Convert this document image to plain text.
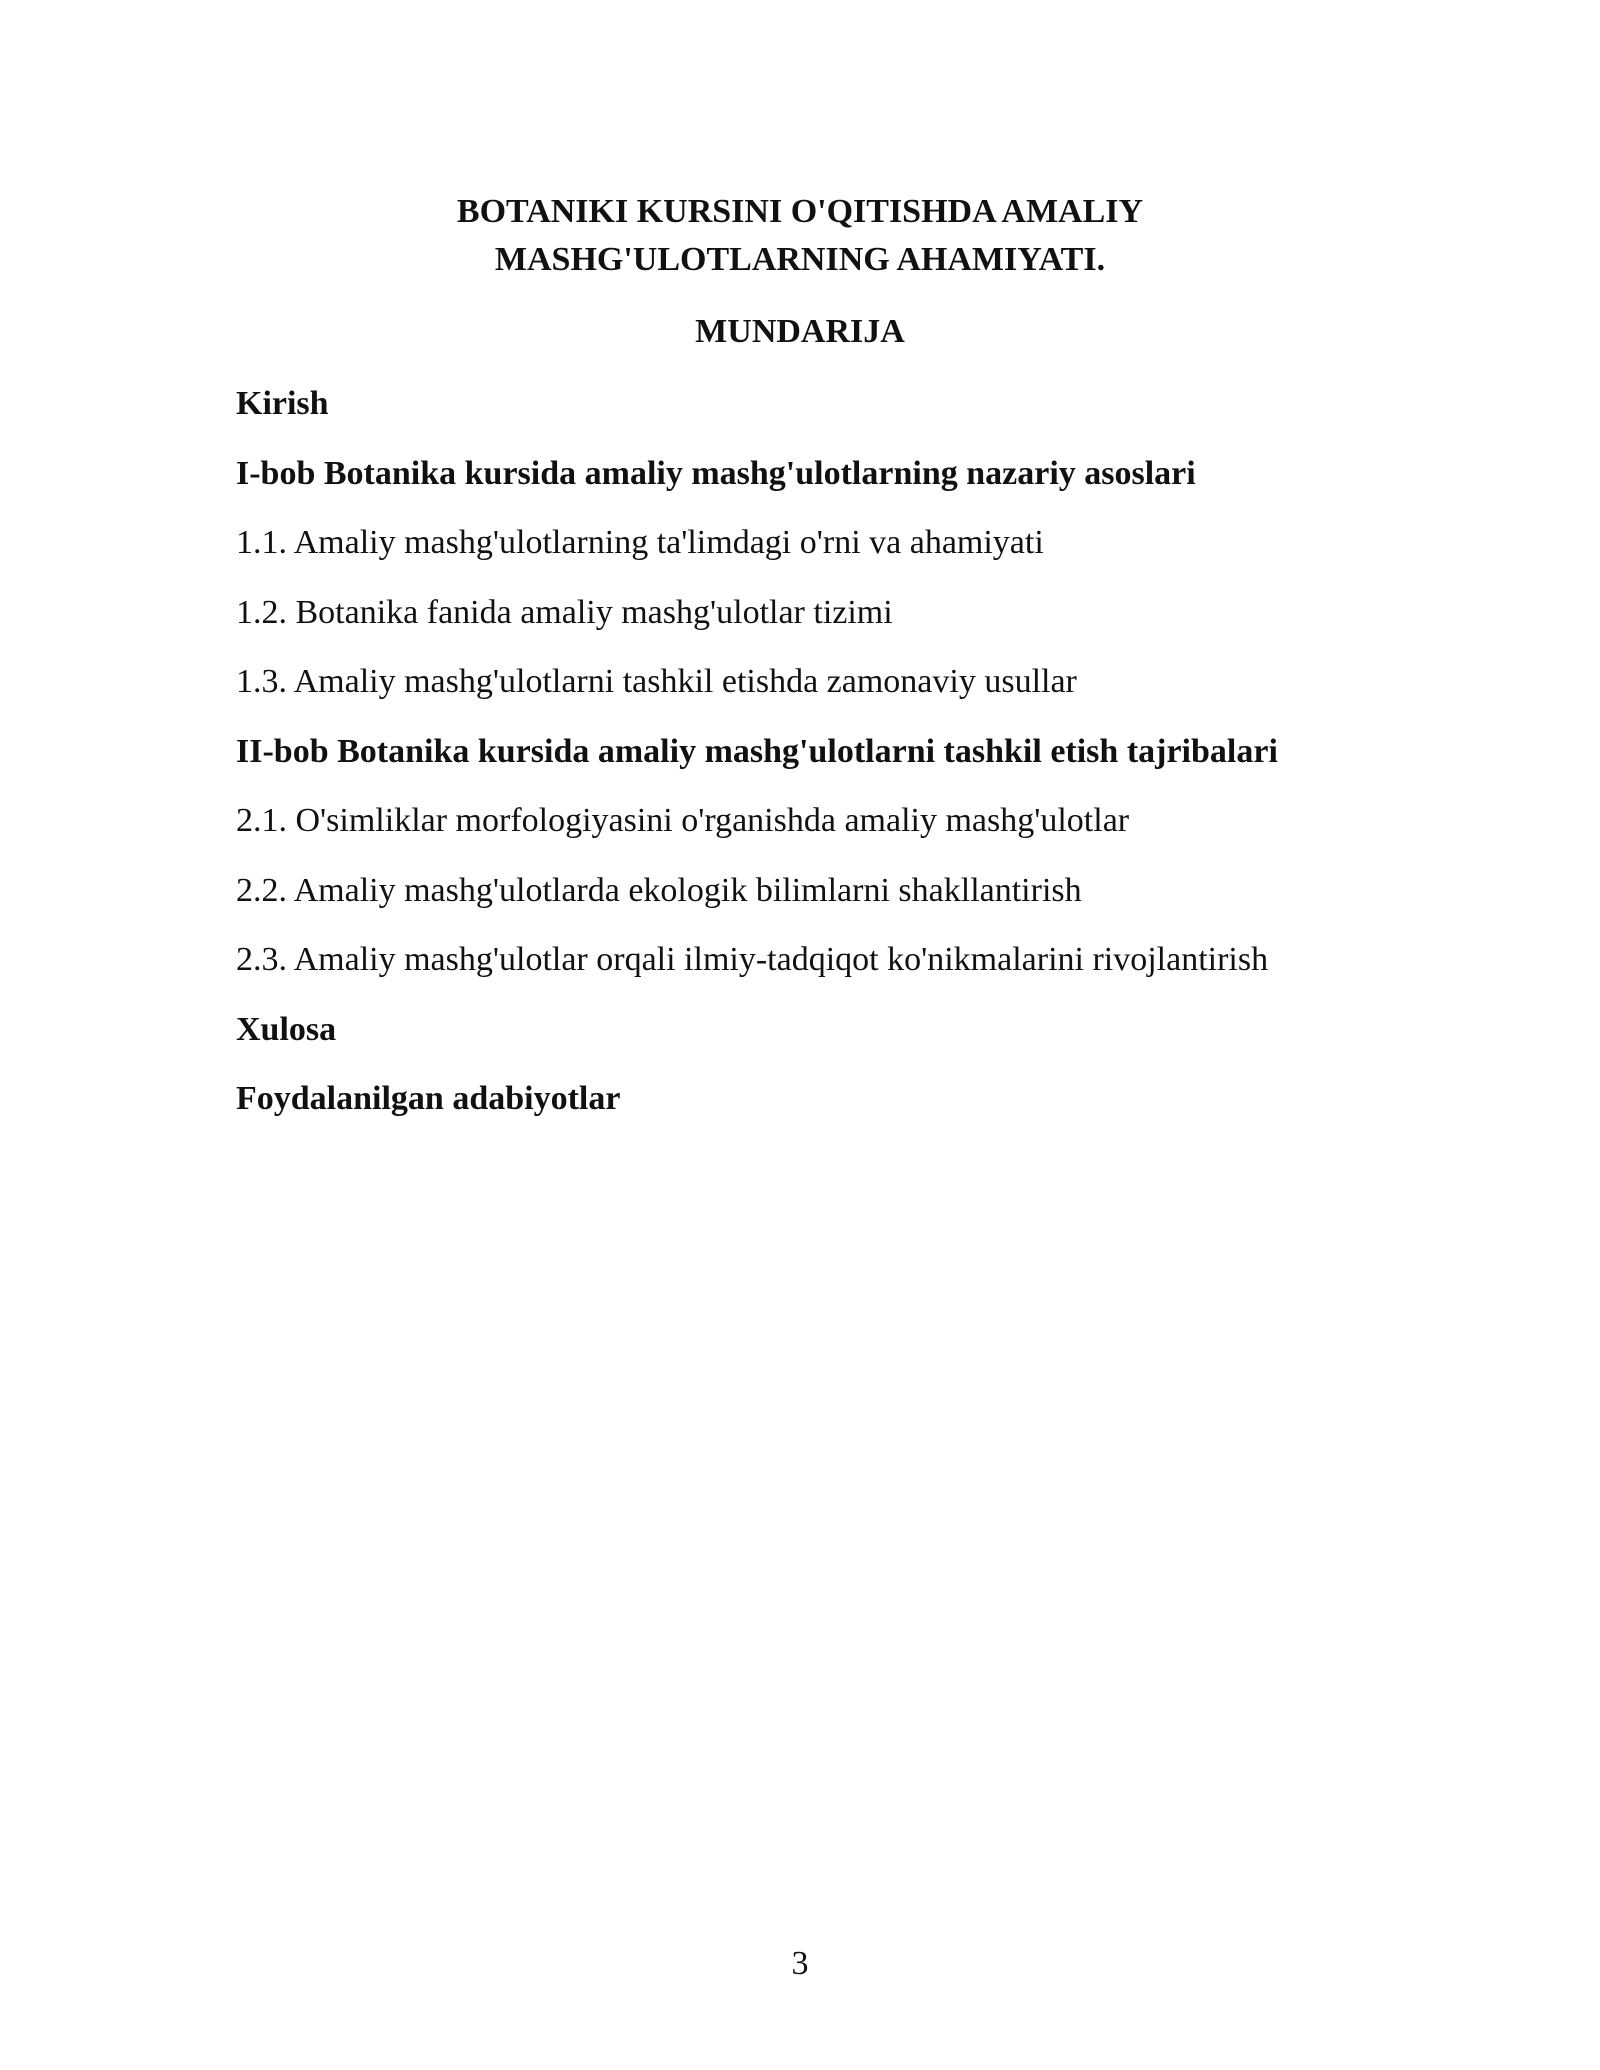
BOTANIKI KURSINI O'QITISHDA AMALIY
MASHG'ULOTLARNING AHAMIYATI.
MUNDARIJA
Kirish
I-bob Botanika kursida amaliy mashg'ulotlarning nazariy asoslari
1.1. Amaliy mashg'ulotlarning ta'limdagi o'rni va ahamiyati
1.2. Botanika fanida amaliy mashg'ulotlar tizimi
1.3. Amaliy mashg'ulotlarni tashkil etishda zamonaviy usullar
II-bob Botanika kursida amaliy mashg'ulotlarni tashkil etish tajribalari
2.1. O'simliklar morfologiyasini o'rganishda amaliy mashg'ulotlar
2.2. Amaliy mashg'ulotlarda ekologik bilimlarni shakllantirish
2.3. Amaliy mashg'ulotlar orqali ilmiy-tadqiqot ko'nikmalarini rivojlantirish
Xulosa
Foydalanilgan adabiyotlar
3
